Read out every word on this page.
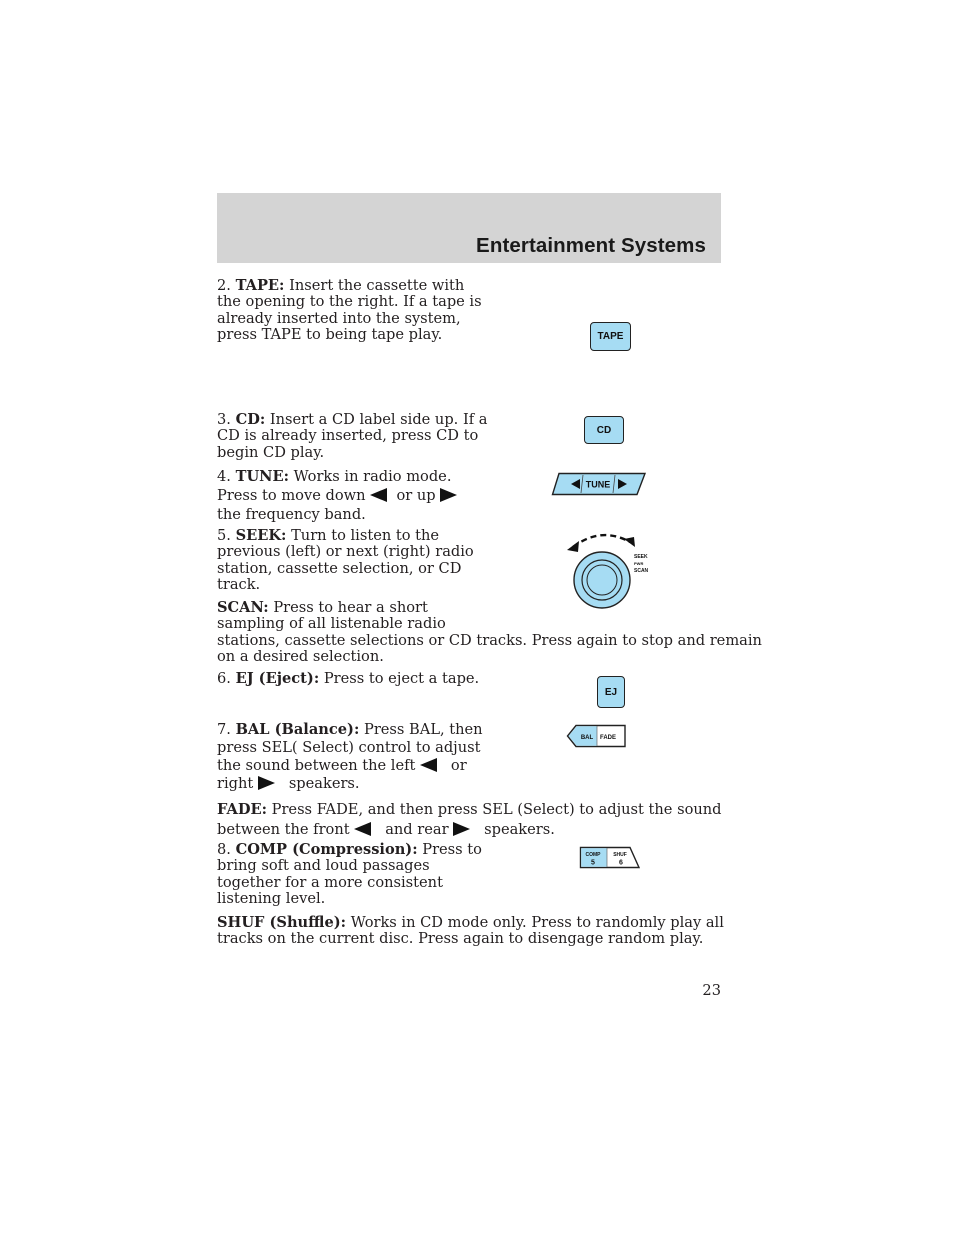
Entertainment Systems
2. TAPE: Insert the cassette with
the opening to the right. If a tape is
already inserted into the system,
press TAPE to being tape play.	TAPE
3. CD: Insert a CD label side up. If a
CD is already inserted, press CD to
begin CD play.
CD
4. TUNE: Works in radio mode.
Press to move down or up
the frequency band.
TUNE
5. SEEK: Turn to listen to the
previous (left) or next (right) radio
station, cassette selection, or CD
track.
SEEK
PWR
SCAN
SCAN: Press to hear a short
sampling of all listenable radio
stations, cassette selections or CD tracks. Press again to stop and remain
on a desired selection.
6. EJ (Eject): Press to eject a tape.
EJ
7. BAL (Balance): Press BAL, then
press SEL( Select) control to adjust
the sound between the left or
right speakers.
BAL FADE
FADE: Press FADE, and then press SEL (Select) to adjust the sound
between the front and rear speakers.
8. COMP (Compression): Press to
bring soft and loud passages
together for a more consistent
listening level.
COMP
5
SHUF
6
SHUF (Shuffle): Works in CD mode only. Press to randomly play all
tracks on the current disc. Press again to disengage random play.
23
